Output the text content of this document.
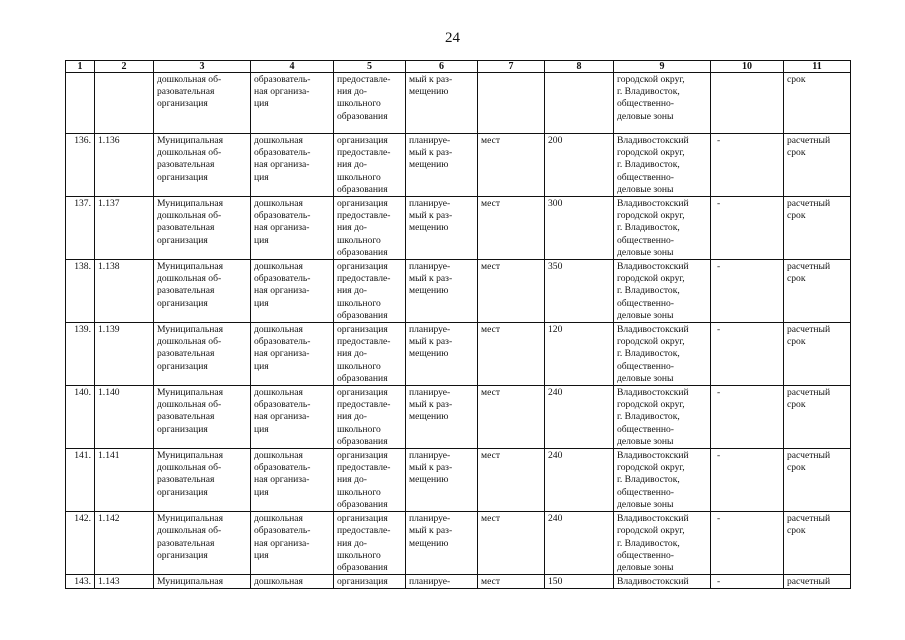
24
1	2	3	4	5	6	7	8	9	10	11
		дошкольная об-
разовательная
организация	образователь-
ная организа-
ция	предоставле-
ния до-
школьного
образования	мый к раз-
мещению			городской округ,
г. Владивосток,
общественно-
деловые зоны		срок
136.	1.136	Муниципальная
дошкольная об-
разовательная
организация	дошкольная
образователь-
ная организа-
ция	организация
предоставле-
ния до-
школьного
образования	планируе-
мый к раз-
мещению	мест	200	Владивостокский
городской округ,
г. Владивосток,
общественно-
деловые зоны	-	расчетный
срок
137.	1.137	Муниципальная
дошкольная об-
разовательная
организация	дошкольная
образователь-
ная организа-
ция	организация
предоставле-
ния до-
школьного
образования	планируе-
мый к раз-
мещению	мест	300	Владивостокский
городской округ,
г. Владивосток,
общественно-
деловые зоны	-	расчетный
срок
138.	1.138	Муниципальная
дошкольная об-
разовательная
организация	дошкольная
образователь-
ная организа-
ция	организация
предоставле-
ния до-
школьного
образования	планируе-
мый к раз-
мещению	мест	350	Владивостокский
городской округ,
г. Владивосток,
общественно-
деловые зоны	-	расчетный
срок
139.	1.139	Муниципальная
дошкольная об-
разовательная
организация	дошкольная
образователь-
ная организа-
ция	организация
предоставле-
ния до-
школьного
образования	планируе-
мый к раз-
мещению	мест	120	Владивостокский
городской округ,
г. Владивосток,
общественно-
деловые зоны	-	расчетный
срок
140.	1.140	Муниципальная
дошкольная об-
разовательная
организация	дошкольная
образователь-
ная организа-
ция	организация
предоставле-
ния до-
школьного
образования	планируе-
мый к раз-
мещению	мест	240	Владивостокский
городской округ,
г. Владивосток,
общественно-
деловые зоны	-	расчетный
срок
141.	1.141	Муниципальная
дошкольная об-
разовательная
организация	дошкольная
образователь-
ная организа-
ция	организация
предоставле-
ния до-
школьного
образования	планируе-
мый к раз-
мещению	мест	240	Владивостокский
городской округ,
г. Владивосток,
общественно-
деловые зоны	-	расчетный
срок
142.	1.142	Муниципальная
дошкольная об-
разовательная
организация	дошкольная
образователь-
ная организа-
ция	организация
предоставле-
ния до-
школьного
образования	планируе-
мый к раз-
мещению	мест	240	Владивостокский
городской округ,
г. Владивосток,
общественно-
деловые зоны	-	расчетный
срок
143.	1.143	Муниципальная	дошкольная	организация	планируе-	мест	150	Владивостокский	-	расчетный
